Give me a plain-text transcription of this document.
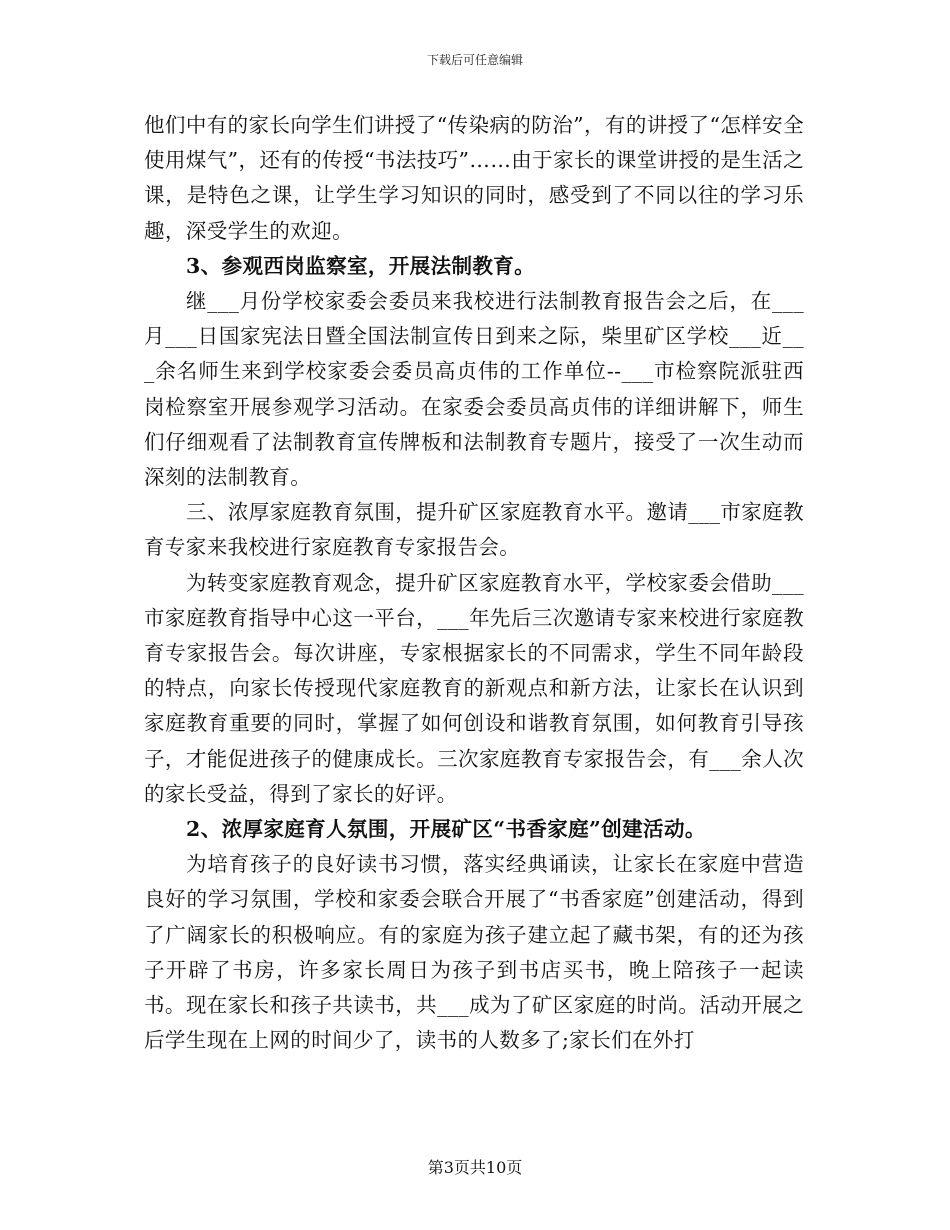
下载后可任意编辑

他们中有的家长向学生们讲授了“传染病的防治”，有的讲授了“怎样安全使用煤气”，还有的传授“书法技巧”……由于家长的课堂讲授的是生活之课，是特色之课，让学生学习知识的同时，感受到了不同以往的学习乐趣，深受学生的欢迎。

3、参观西岗监察室，开展法制教育。

继___月份学校家委会委员来我校进行法制教育报告会之后，在___月___日国家宪法日暨全国法制宣传日到来之际，柴里矿区学校___近___余名师生来到学校家委会委员高贞伟的工作单位--___市检察院派驻西岗检察室开展参观学习活动。在家委会委员高贞伟的详细讲解下，师生们仔细观看了法制教育宣传牌板和法制教育专题片，接受了一次生动而深刻的法制教育。

三、浓厚家庭教育氛围，提升矿区家庭教育水平。邀请___市家庭教育专家来我校进行家庭教育专家报告会。

为转变家庭教育观念，提升矿区家庭教育水平，学校家委会借助___市家庭教育指导中心这一平台，___年先后三次邀请专家来校进行家庭教育专家报告会。每次讲座，专家根据家长的不同需求，学生不同年龄段的特点，向家长传授现代家庭教育的新观点和新方法，让家长在认识到家庭教育重要的同时，掌握了如何创设和谐教育氛围，如何教育引导孩子，才能促进孩子的健康成长。三次家庭教育专家报告会，有___余人次的家长受益，得到了家长的好评。

2、浓厚家庭育人氛围，开展矿区“书香家庭”创建活动。

为培育孩子的良好读书习惯，落实经典诵读，让家长在家庭中营造良好的学习氛围，学校和家委会联合开展了“书香家庭”创建活动，得到了广阔家长的积极响应。有的家庭为孩子建立起了藏书架，有的还为孩子开辟了书房，许多家长周日为孩子到书店买书，晚上陪孩子一起读书。现在家长和孩子共读书，共___成为了矿区家庭的时尚。活动开展之后学生现在上网的时间少了，读书的人数多了;家长们在外打

第3页共10页
